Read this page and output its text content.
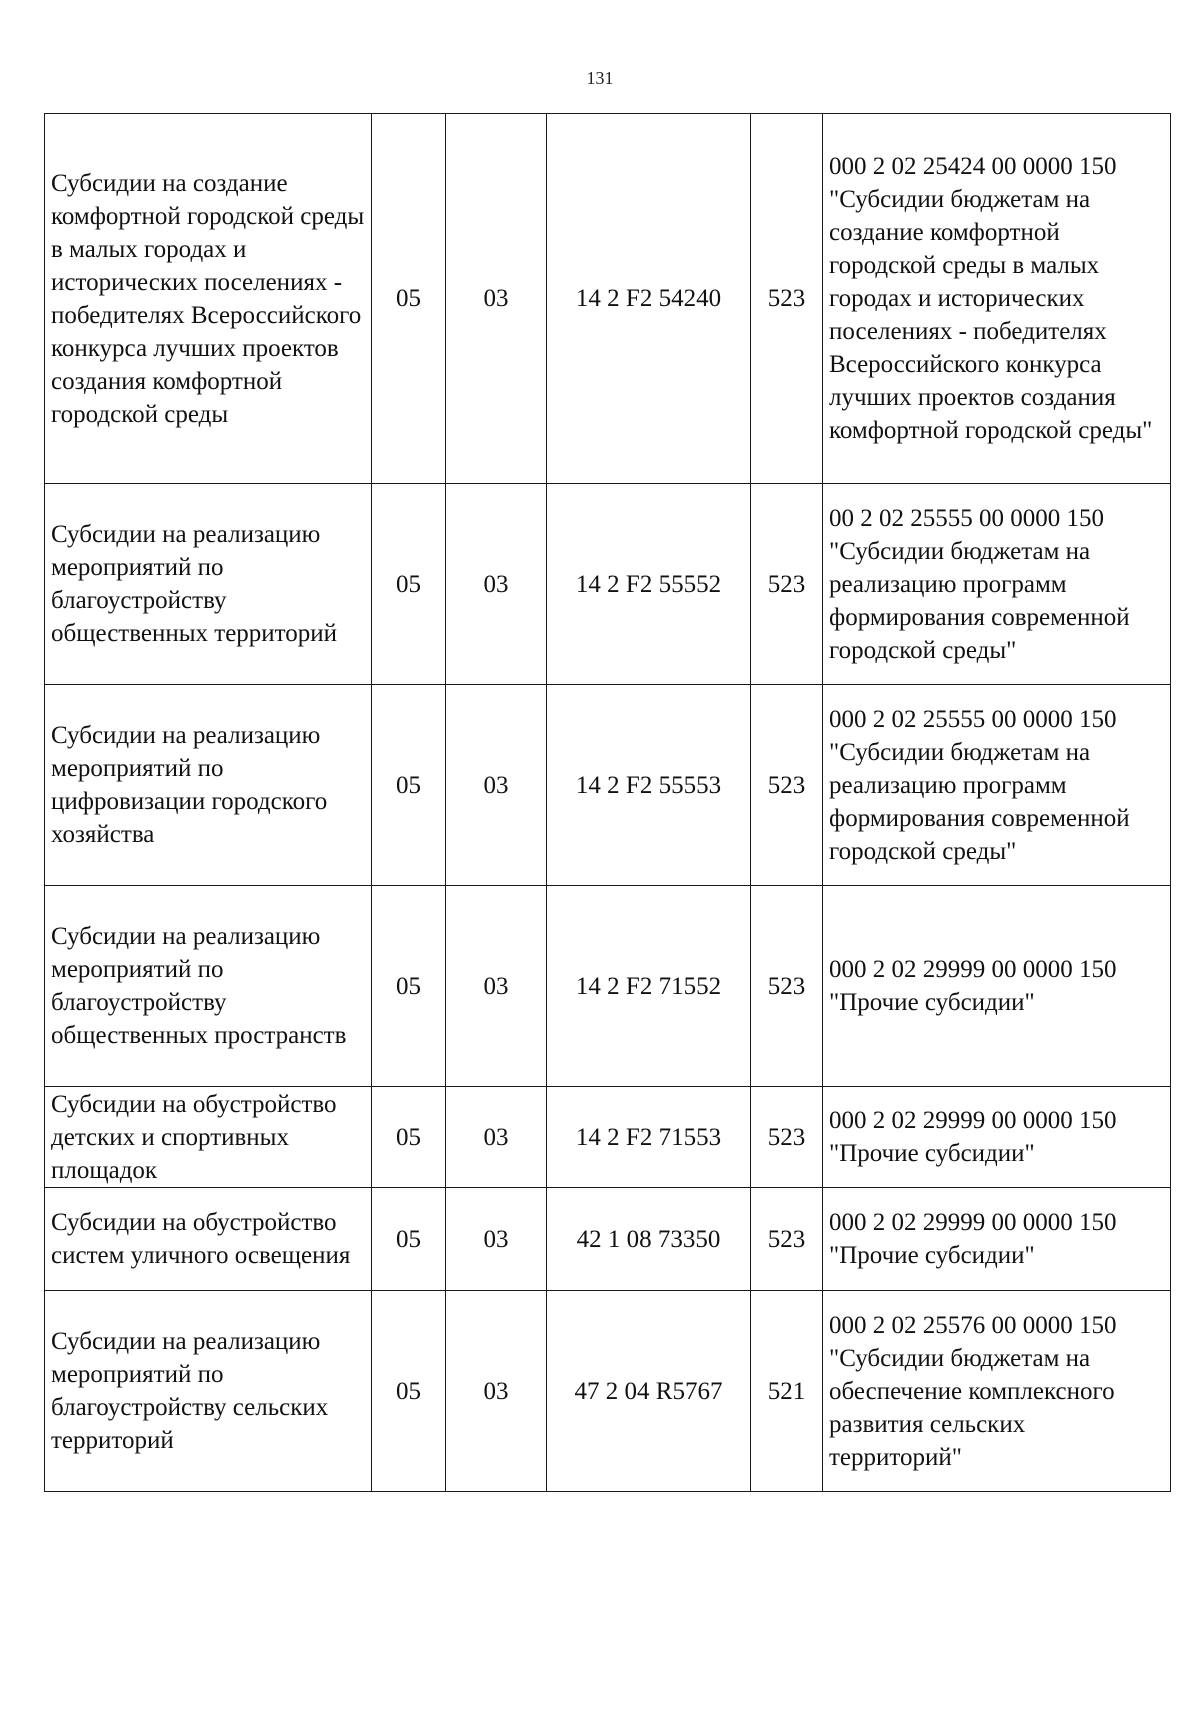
131
Субсидии на создание комфортной городской среды в малых городах и исторических поселениях - победителях Всероссийского конкурса лучших проектов создания комфортной городской среды	05	03	14 2 F2 54240	523	000 2 02 25424 00 0000 150 "Субсидии бюджетам на создание комфортной городской среды в малых городах и исторических поселениях - победителях Всероссийского конкурса лучших проектов создания комфортной городской среды"
Субсидии на реализацию мероприятий по благоустройству общественных территорий	05	03	14 2 F2 55552	523	00 2 02 25555 00 0000 150 "Субсидии бюджетам на реализацию программ формирования современной городской среды"
Субсидии на реализацию мероприятий по цифровизации городского хозяйства	05	03	14 2 F2 55553	523	000 2 02 25555 00 0000 150 "Субсидии бюджетам на реализацию программ формирования современной городской среды"
Субсидии на реализацию мероприятий по благоустройству общественных пространств	05	03	14 2 F2 71552	523	000 2 02 29999 00 0000 150 "Прочие субсидии"
Субсидии на обустройство детских и спортивных площадок	05	03	14 2 F2 71553	523	000 2 02 29999 00 0000 150 "Прочие субсидии"
Субсидии на обустройство систем уличного освещения	05	03	42 1 08 73350	523	000 2 02 29999 00 0000 150 "Прочие субсидии"
Субсидии на реализацию мероприятий по благоустройству сельских территорий	05	03	47 2 04 R5767	521	000 2 02 25576 00 0000 150 "Субсидии бюджетам на обеспечение комплексного развития сельских территорий"
